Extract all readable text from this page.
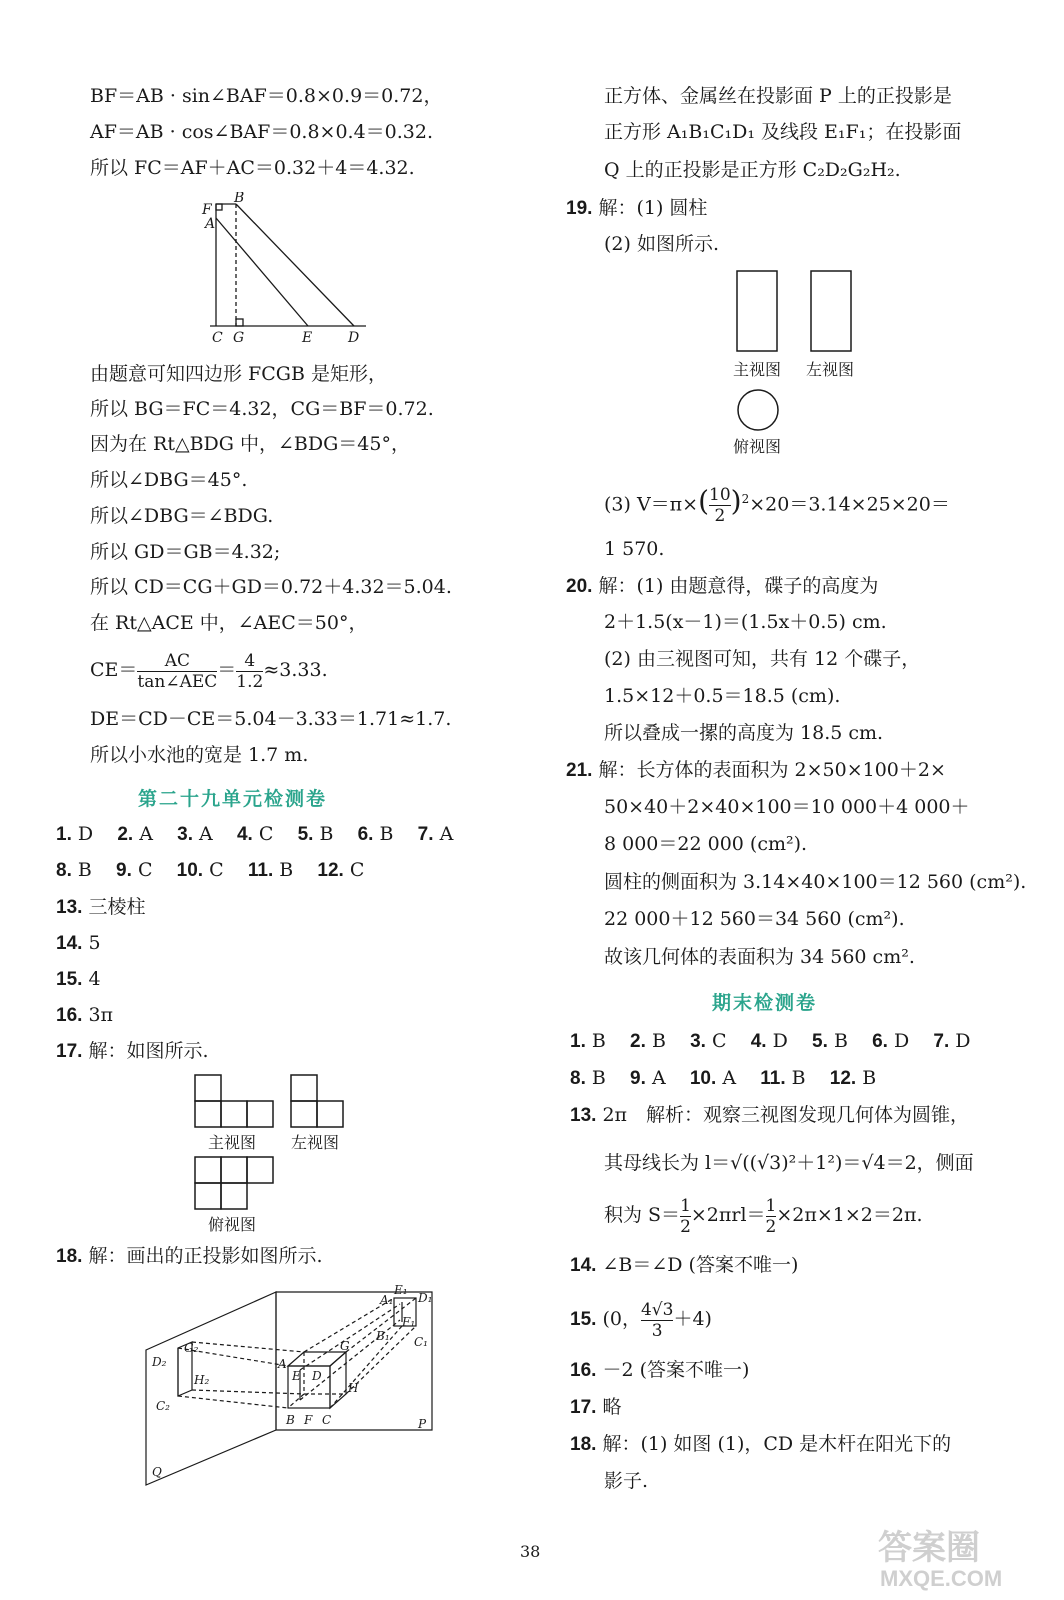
BF＝AB · sin∠BAF＝0.8×0.9＝0.72，
AF＝AB · cos∠BAF＝0.8×0.4＝0.32.
所以 FC＝AF＋AC＝0.32＋4＝4.32.
F
B
A
C G	E	D
由题意可知四边形 FCGB 是矩形，
所以 BG＝FC＝4.32，CG＝BF＝0.72.
因为在 Rt△BDG 中，∠BDG＝45°，
所以∠DBG＝45°.
所以∠DBG＝∠BDG.
所以 GD＝GB＝4.32;
所以 CD＝CG＋GD＝0.72＋4.32＝5.04.
在 Rt△ACE 中，∠AEC＝50°，
$CE= \frac{AC}{\text{tan∠AEC}} = \frac{4}{1.2} \approx 3.33$.
DE＝CD－CE＝5.04－3.33＝1.71≈1.7.
所以小水池的宽是 1.7 m.
第二十九单元检测卷
1. D 2. A 3. A 4. C 5. B 6. B 7. A
8. B 9. C 10. C 11. B 12. C
13. 三棱柱
14. 5
15. 4
16. 3π
17. 解：如图所示.
主视图 左视图
俯视图
18. 解：画出的正投影如图所示.
E₁
A₁ D₁
F₁
B₁ C₁
G₂
D₂
H₂
C₂
G
A
E D
H
B F C	P
Q
正方体、金属丝在投影面 P 上的正投影是
正方形 A₁B₁C₁D₁ 及线段 E₁F₁；在投影面
Q 上的正投影是正方形 C₂D₂G₂H₂.
19. 解：(1) 圆柱
(2) 如图所示.
主视图 左视图
俯视图
(3) $V=\pi\times( \frac{10}{2} )^2\times 20=3.14\times 25\times 20=$
1 570.
20. 解：(1) 由题意得，碟子的高度为
2＋1.5(x－1)＝(1.5x＋0.5) cm.
(2) 由三视图可知，共有 12 个碟子，
1.5×12＋0.5＝18.5 (cm).
所以叠成一摞的高度为 18.5 cm.
21. 解：长方体的表面积为 2×50×100＋2×
50×40＋2×40×100＝10 000＋4 000＋
8 000＝22 000 (cm²).
圆柱的侧面积为 3.14×40×100＝12 560 (cm²).
22 000＋12 560＝34 560 (cm²).
故该几何体的表面积为 34 560 cm².
期末检测卷
1. B 2. B 3. C 4. D 5. B 6. D 7. D
8. B 9. A 10. A 11. B 12. B
13. 2π　解析：观察三视图发现几何体为圆锥，
其母线长为 l＝√((√3)²＋1²)＝√4＝2，侧面
积为 $S= \frac{1}{2} \times 2\pi rl= \frac{1}{2} \times 2\pi\times 1\times 2=2\pi$.
14. ∠B＝∠D (答案不唯一)
15. (0， $\frac{4√3}{3} +4$)
16. －2 (答案不唯一)
17. 略
18. 解：(1) 如图 (1)，CD 是木杆在阳光下的
影子.
38	答案圈
MXQE.COM
